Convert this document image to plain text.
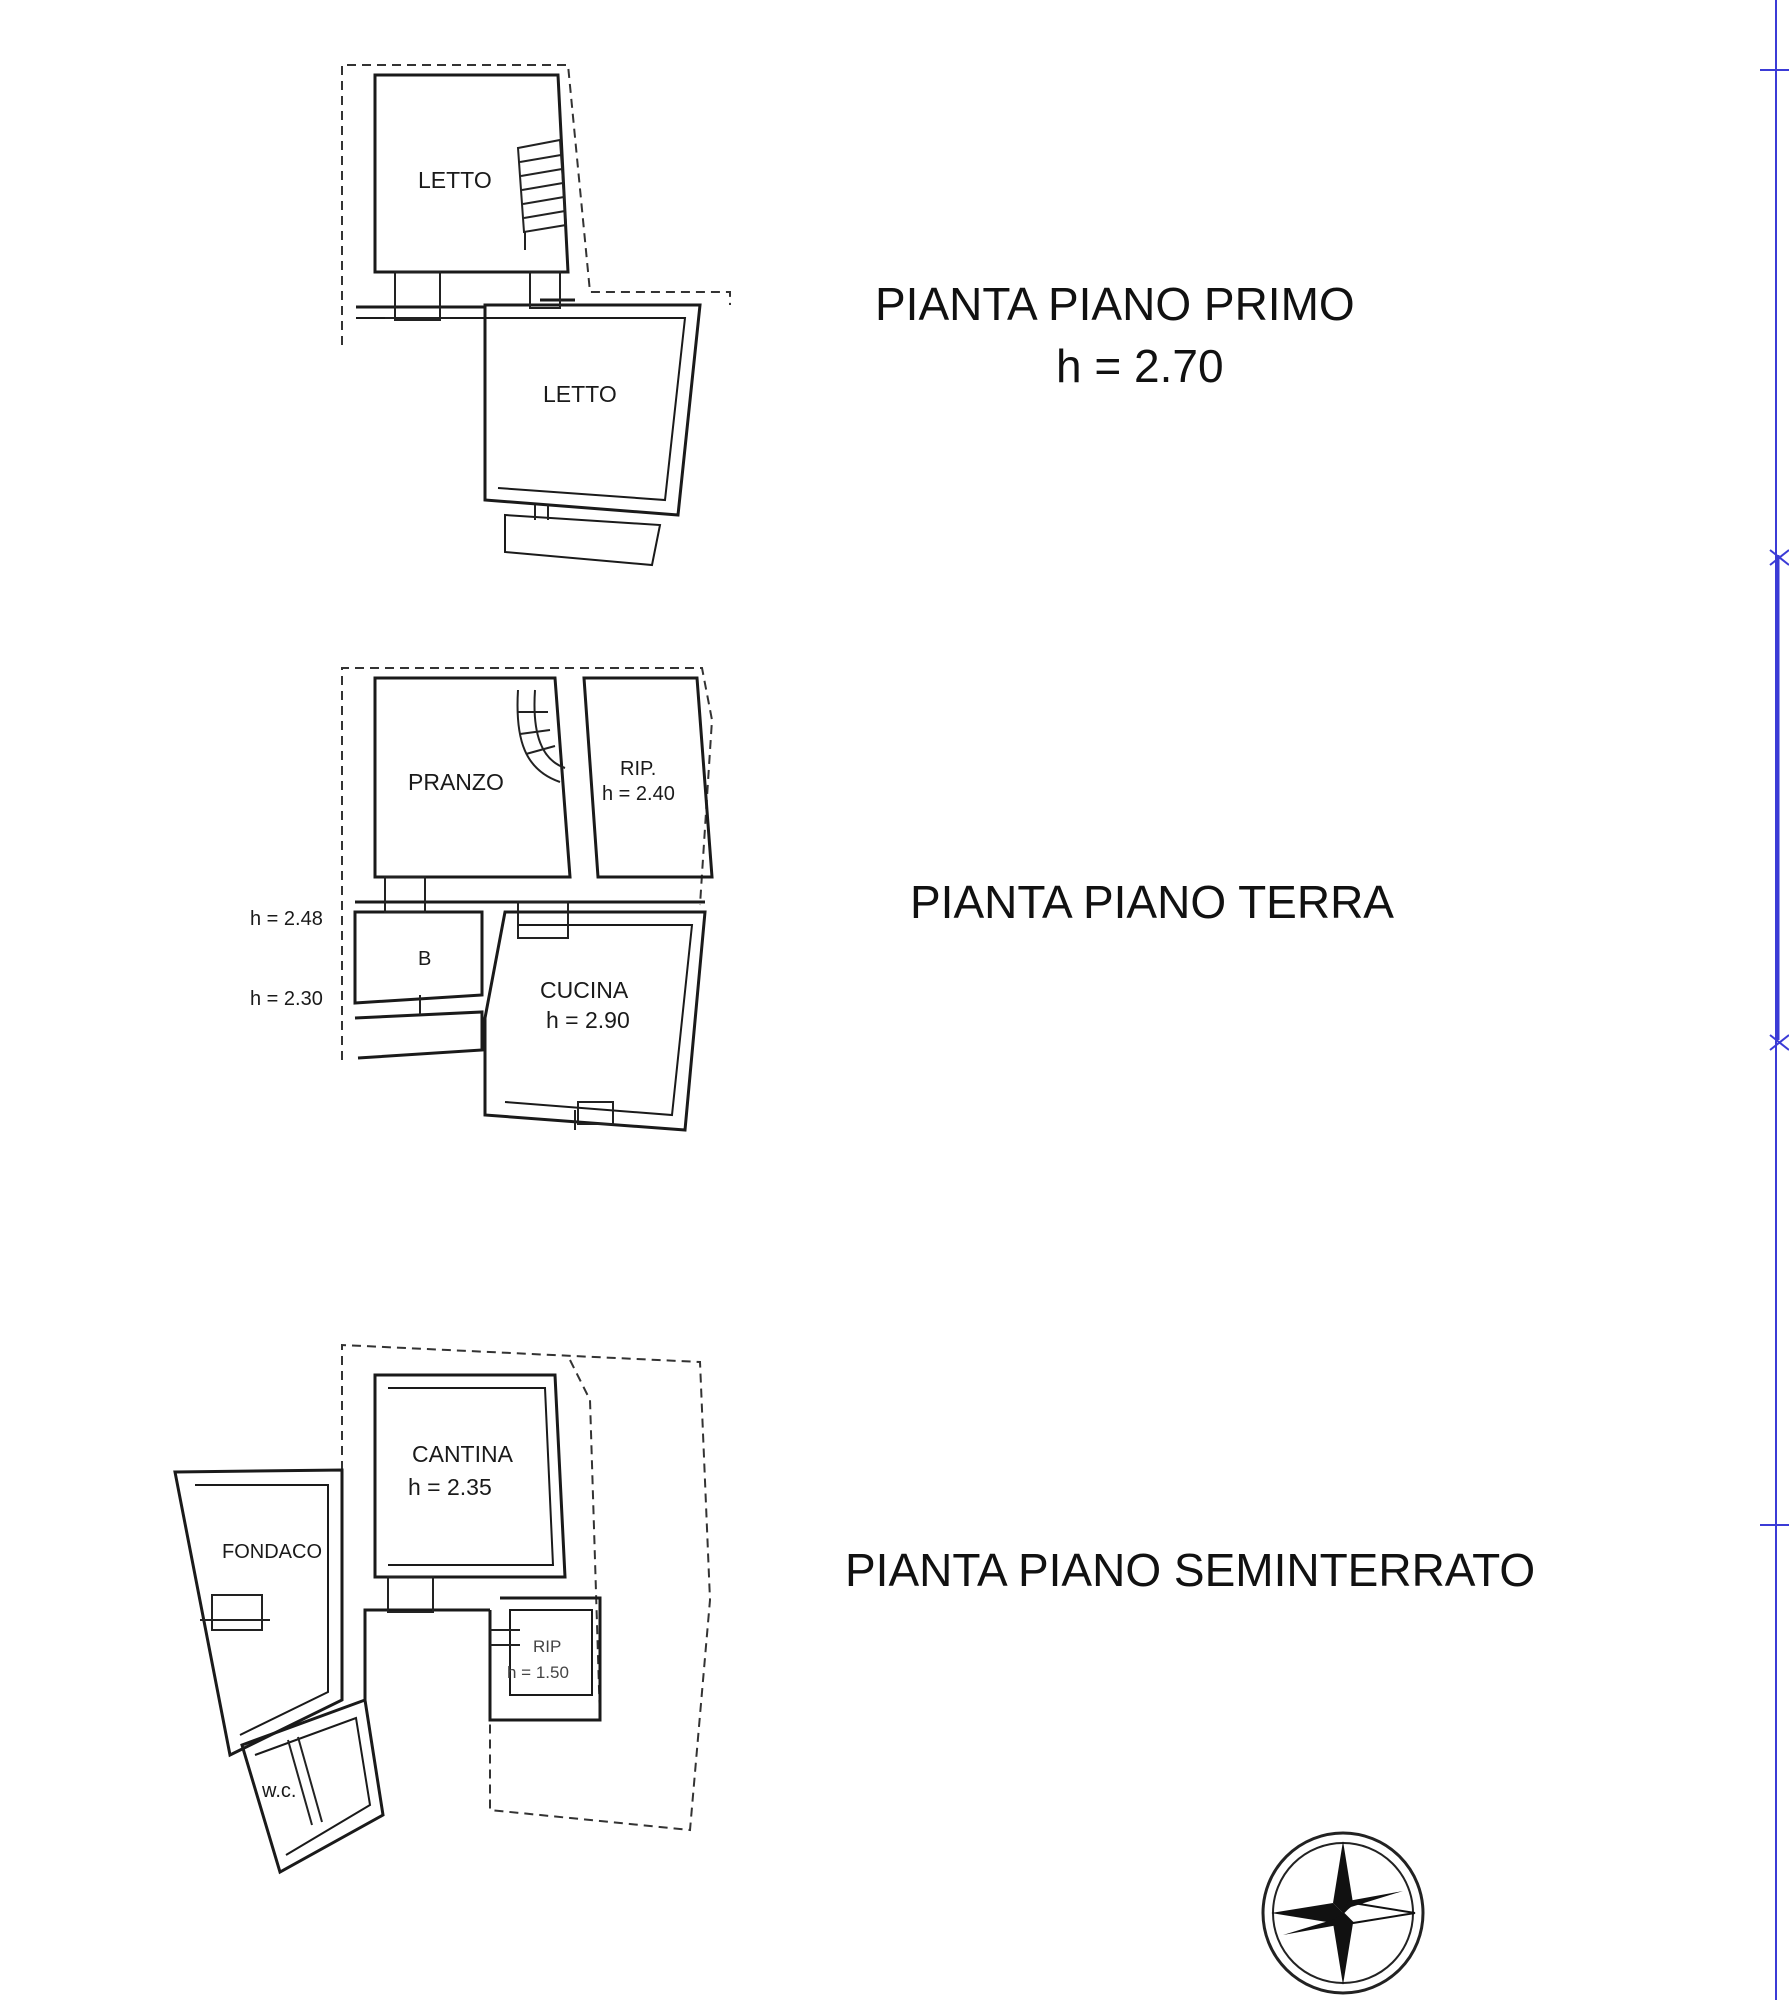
LETTO
LETTO
PIANTA PIANO PRIMO
h = 2.70
PRANZO	RIP.
h = 2.40
B
CUCINA
h = 2.90
h = 2.48
h = 2.30
PIANTA PIANO TERRA
CANTINA
h = 2.35
FONDACO
RIP
h = 1.50
w.c.
PIANTA PIANO SEMINTERRATO
